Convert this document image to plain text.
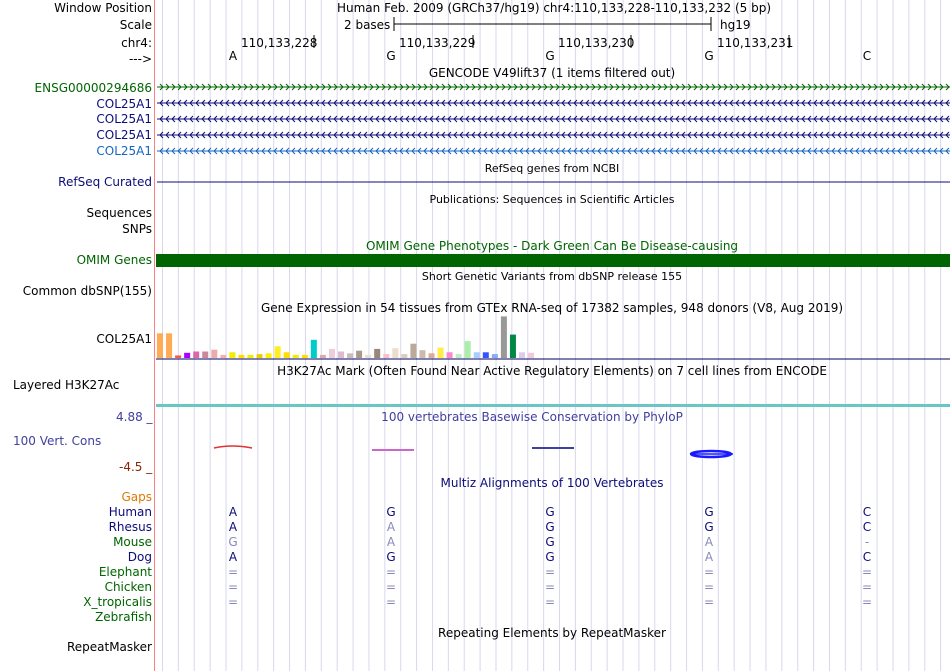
Window Position
Scale
chr4:
--->
Human Feb. 2009 (GRCh37/hg19) chr4:110,133,228-110,133,232 (5 bp)
2 bases	hg19
110,133,228	110,133,229	110,133,230	110,133,231
A	G	G	G	C
GENCODE V49lift37 (1 items filtered out)
ENSG00000294686
COL25A1
COL25A1
COL25A1
COL25A1
RefSeq genes from NCBI
RefSeq Curated
Publications: Sequences in Scientific Articles
Sequences
SNPs
OMIM Gene Phenotypes - Dark Green Can Be Disease-causing
OMIM Genes
Short Genetic Variants from dbSNP release 155
Common dbSNP(155)
Gene Expression in 54 tissues from GTEx RNA-seq of 17382 samples, 948 donors (V8, Aug 2019)
COL25A1
H3K27Ac Mark (Often Found Near Active Regulatory Elements) on 7 cell lines from ENCODE
Layered H3K27Ac
4.88 _	100 vertebrates Basewise Conservation by PhyloP
100 Vert. Cons
-4.5 _
Multiz Alignments of 100 Vertebrates
Gaps
Human	A	G	G	G	C
Rhesus	A	A	G	G	C
Mouse	G	A	G	A	-
Dog	A	G	G	A	C
Elephant	=	=	=	=	=
Chicken	=	=	=	=	=
X_tropicalis	=	=	=	=	=
Zebrafish
Repeating Elements by RepeatMasker
RepeatMasker
